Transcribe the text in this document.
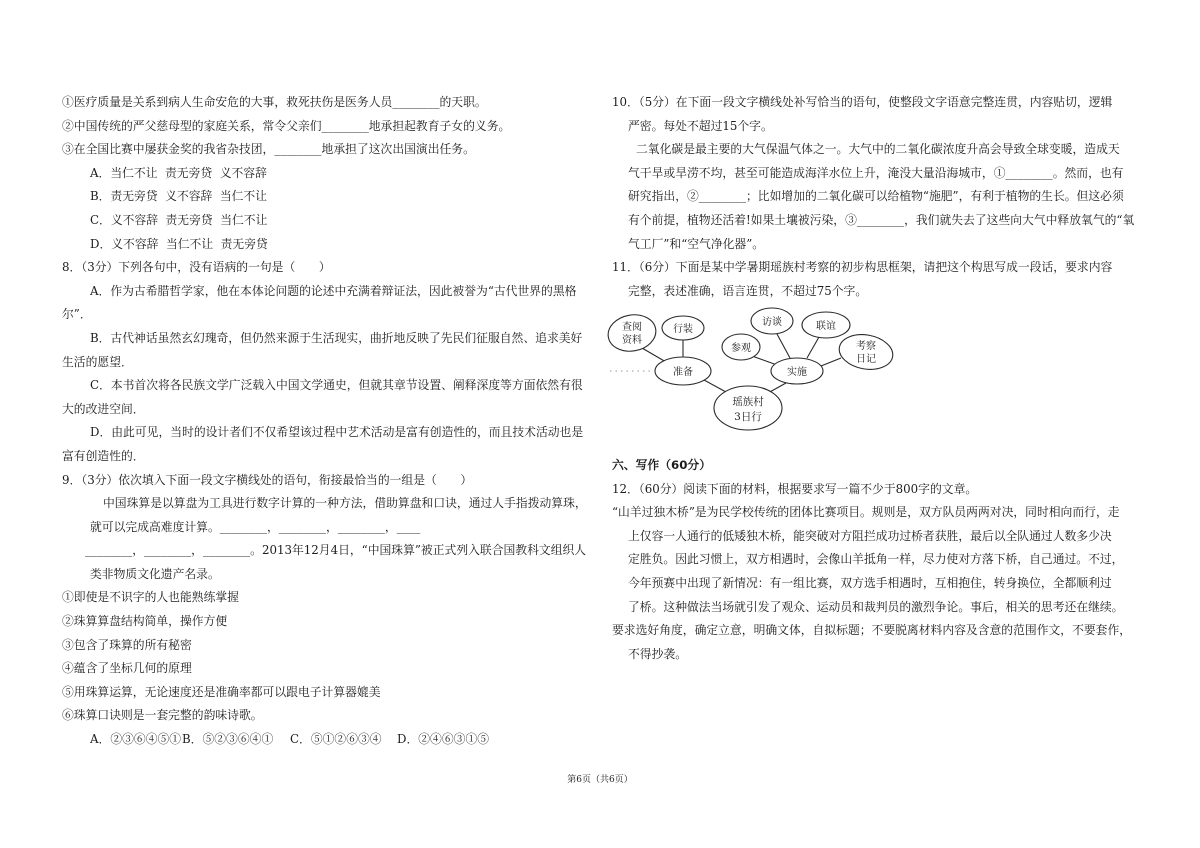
①医疗质量是关系到病人生命安危的大事，救死扶伤是医务人员________的天职。
②中国传统的严父慈母型的家庭关系，常令父亲们________地承担起教育子女的义务。
③在全国比赛中屡获金奖的我省杂技团，________地承担了这次出国演出任务。
A．当仁不让  责无旁贷  义不容辞
B．责无旁贷  义不容辞  当仁不让
C．义不容辞  责无旁贷  当仁不让
D．义不容辞  当仁不让  责无旁贷
8．（3分）下列各句中，没有语病的一句是（　　）
A．作为古希腊哲学家，他在本体论问题的论述中充满着辩证法，因此被誉为“古代世界的黑格
尔”．
B．古代神话虽然玄幻瑰奇，但仍然来源于生活现实，曲折地反映了先民们征服自然、追求美好
生活的愿望．
C．本书首次将各民族文学广泛载入中国文学通史，但就其章节设置、阐释深度等方面依然有很
大的改进空间．
D．由此可见，当时的设计者们不仅希望该过程中艺术活动是富有创造性的，而且技术活动也是
富有创造性的．
9．（3分）依次填入下面一段文字横线处的语句，衔接最恰当的一组是（　　）
中国珠算是以算盘为工具进行数字计算的一种方法，借助算盘和口诀，通过人手指拨动算珠，
就可以完成高难度计算。________，________，________，____
________，________，________。2013年12月4日，“中国珠算”被正式列入联合国教科文组织人
类非物质文化遗产名录。
①即使是不识字的人也能熟练掌握
②珠算算盘结构简单，操作方便
③包含了珠算的所有秘密
④蕴含了坐标几何的原理
⑤用珠算运算，无论速度还是准确率都可以跟电子计算器媲美
⑥珠算口诀则是一套完整的韵味诗歌。
A．②③⑥④⑤① B．⑤②③⑥④①	C．⑤①②⑥③④	D．②④⑥③①⑤
10．（5分）在下面一段文字横线处补写恰当的语句，使整段文字语意完整连贯，内容贴切，逻辑
严密。每处不超过15个字。
二氧化碳是最主要的大气保温气体之一。大气中的二氧化碳浓度升高会导致全球变暖，造成天
气干旱或旱涝不均，甚至可能造成海洋水位上升，淹没大量沿海城市，①________。然而，也有
研究指出，②________；比如增加的二氧化碳可以给植物“施肥”，有利于植物的生长。但这必须
有个前提，植物还活着!如果土壤被污染，③________，我们就失去了这些向大气中释放氧气的“氧
气工厂”和“空气净化器”。
11．（6分）下面是某中学暑期瑶族村考察的初步构思框架，请把这个构思写成一段话，要求内容
完整，表述准确，语言连贯，不超过75个字。
查阅
资料
行装
准备
瑶族村
3日行
实施
参观
访谈	联谊
考察
日记
六、写作（60分）
12．（60分）阅读下面的材料，根据要求写一篇不少于800字的文章。
“山羊过独木桥”是为民学校传统的团体比赛项目。规则是，双方队员两两对决，同时相向而行，走
上仅容一人通行的低矮独木桥，能突破对方阻拦成功过桥者获胜，最后以全队通过人数多少决
定胜负。因此习惯上，双方相遇时，会像山羊抵角一样，尽力使对方落下桥，自己通过。不过，
今年预赛中出现了新情况：有一组比赛，双方选手相遇时，互相抱住，转身换位，全都顺利过
了桥。这种做法当场就引发了观众、运动员和裁判员的激烈争论。事后，相关的思考还在继续。
要求选好角度，确定立意，明确文体，自拟标题；不要脱离材料内容及含意的范围作文，不要套作，
不得抄袭。
第6页（共6页）
